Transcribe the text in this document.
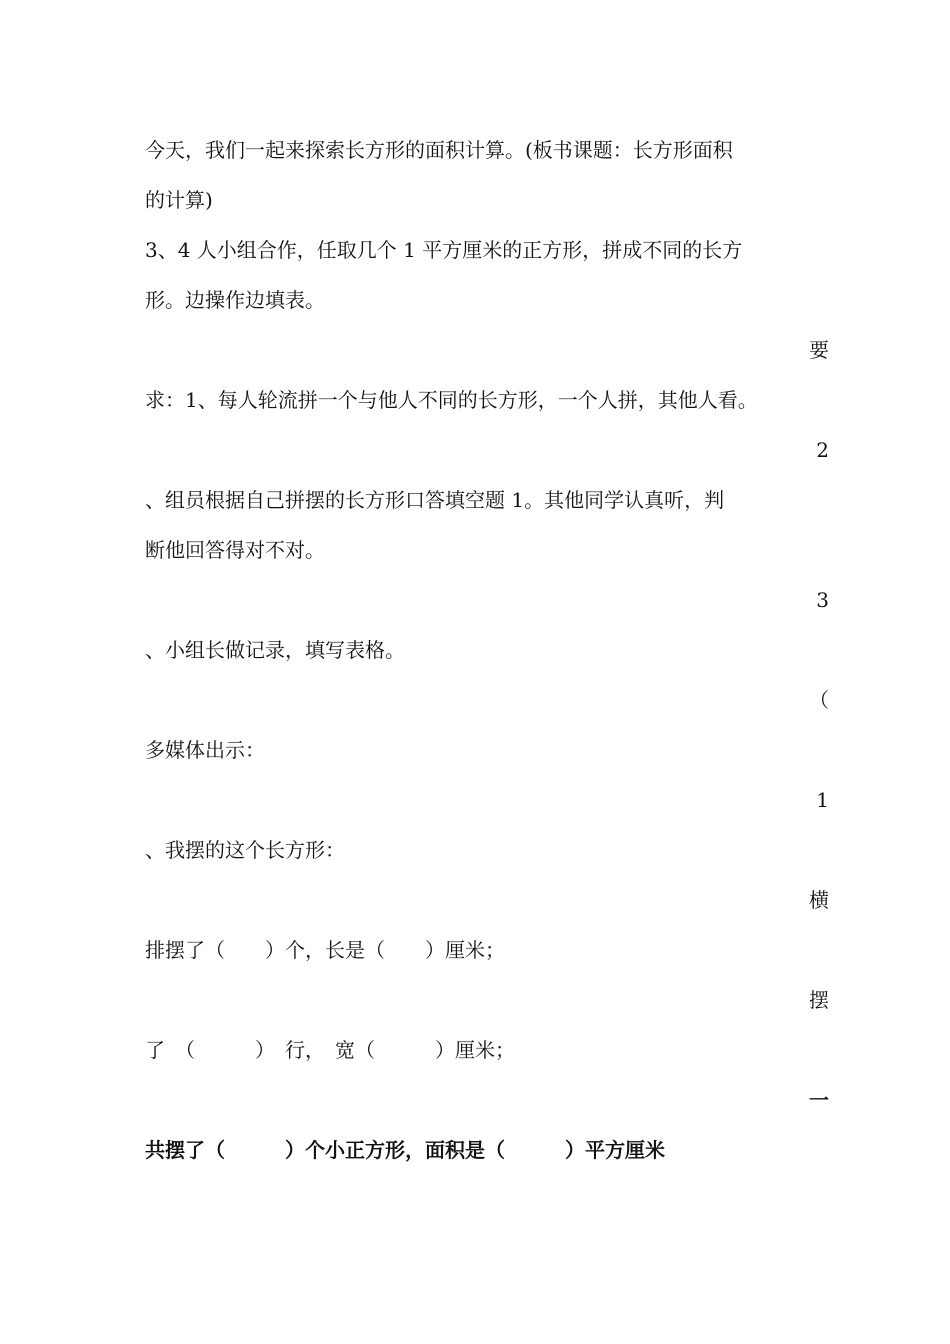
今天，我们一起来探索长方形的面积计算。(板书课题：长方形面积

的计算)

3、4 人小组合作，任取几个 1 平方厘米的正方形，拼成不同的长方

形。边操作边填表。

要

求：1、每人轮流拼一个与他人不同的长方形，一个人拼，其他人看。

2

、组员根据自己拼摆的长方形口答填空题 1。其他同学认真听，判

断他回答得对不对。

3

、小组长做记录，填写表格。

（

多媒体出示：

1

、我摆的这个长方形：

横

排摆了（　　）个，长是（　　）厘米；

摆

了　（　　　）　行，　宽（　　　）厘米；

一

共摆了（　　　）个小正方形，面积是（　　　）平方厘米
